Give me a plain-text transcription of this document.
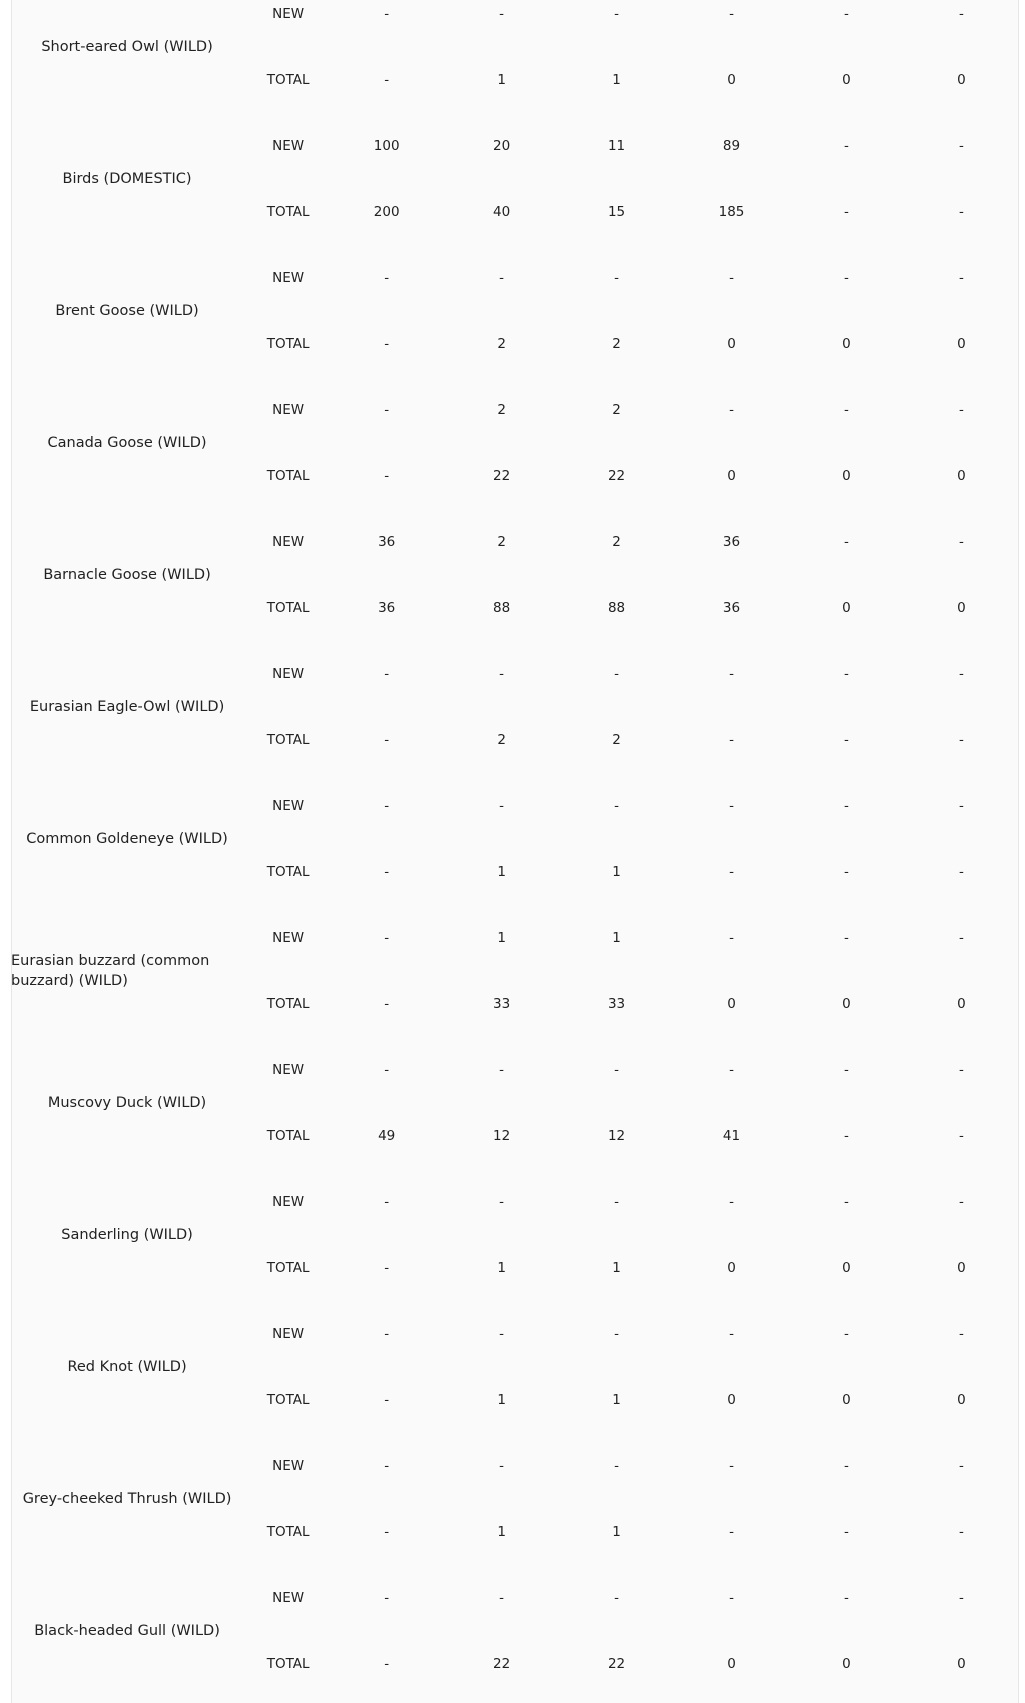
Short-eared Owl (WILD)	NEW	-	-	-	-	-	-
	TOTAL	-	1	1	0	0	0
Birds (DOMESTIC)	NEW	100	20	11	89	-	-
	TOTAL	200	40	15	185	-	-
Brent Goose (WILD)	NEW	-	-	-	-	-	-
	TOTAL	-	2	2	0	0	0
Canada Goose (WILD)	NEW	-	2	2	-	-	-
	TOTAL	-	22	22	0	0	0
Barnacle Goose (WILD)	NEW	36	2	2	36	-	-
	TOTAL	36	88	88	36	0	0
Eurasian Eagle-Owl (WILD)	NEW	-	-	-	-	-	-
	TOTAL	-	2	2	-	-	-
Common Goldeneye (WILD)	NEW	-	-	-	-	-	-
	TOTAL	-	1	1	-	-	-
Eurasian buzzard (common buzzard) (WILD)	NEW	-	1	1	-	-	-
	TOTAL	-	33	33	0	0	0
Muscovy Duck (WILD)	NEW	-	-	-	-	-	-
	TOTAL	49	12	12	41	-	-
Sanderling (WILD)	NEW	-	-	-	-	-	-
	TOTAL	-	1	1	0	0	0
Red Knot (WILD)	NEW	-	-	-	-	-	-
	TOTAL	-	1	1	0	0	0
Grey-cheeked Thrush (WILD)	NEW	-	-	-	-	-	-
	TOTAL	-	1	1	-	-	-
Black-headed Gull (WILD)	NEW	-	-	-	-	-	-
	TOTAL	-	22	22	0	0	0
